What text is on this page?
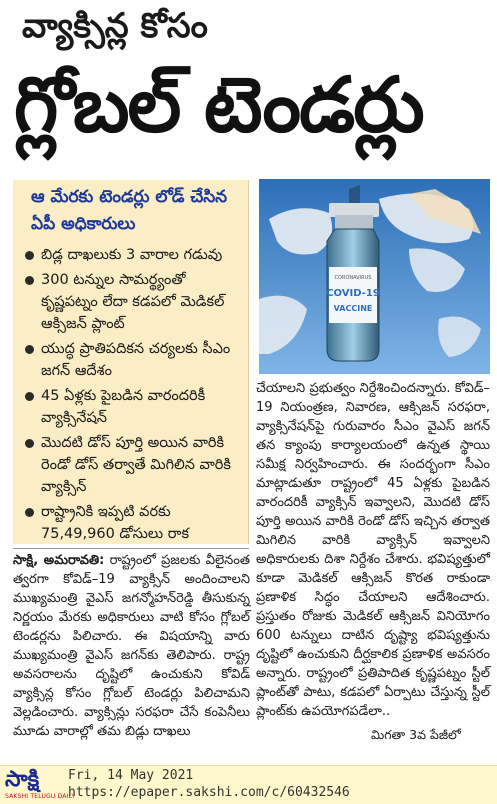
వ్యాక్సిన్ల కోసం
గ్లోబల్ టెండర్లు
ఆ మేరకు టెండర్లు లోడ్ చేసిన ఏపీ అధికారులు
బిడ్ల దాఖలుకు 3 వారాల గడువు
300 టన్నుల సామర్థ్యంతో కృష్ణపట్నం లేదా కడపలో మెడికల్ ఆక్సిజన్ ప్లాంట్
యుద్ధ ప్రాతిపదికన చర్యలకు సీఎం జగన్ ఆదేశం
45 ఏళ్లకు పైబడిన వారందరికీ వ్యాక్సినేషన్
మొదటి డోస్ పూర్తి అయిన వారికి రెండో డోస్ తర్వాతే మిగిలిన వారికి వ్యాక్సిన్
రాష్ట్రానికి ఇప్పటి వరకు 75,49,960 డోసులు రాక
CORONAVIRUS
COVID-19
VACCINE
చేయాలని ప్రభుత్వం నిర్దేశించిందన్నారు. కోవిడ్–19 నియంత్రణ, నివారణ, ఆక్సిజన్ సరఫరా, వ్యాక్సినేషన్‌పై గురువారం సీఎం వైఎస్ జగన్ తన క్యాంపు కార్యాలయంలో ఉన్నత స్థాయి సమీక్ష నిర్వహించారు. ఈ సందర్భంగా సీఎం మాట్లాడుతూ రాష్ట్రంలో 45 ఏళ్లకు పైబడిన వారందరికీ వ్యాక్సిన్ ఇవ్వాలని, మొదటి డోస్ పూర్తి అయిన వారికి రెండో డోస్ ఇచ్చిన తర్వాత మిగిలిన వారికి వ్యాక్సిన్ ఇవ్వాలని అధికారులకు దిశా నిర్దేశం చేశారు. భవిష్యత్తులో కూడా మెడికల్ ఆక్సిజన్ కొరత రాకుండా ప్రణాళిక సిద్ధం చేయాలని ఆదేశించారు. ప్రస్తుతం రోజుకు మెడికల్ ఆక్సిజన్ వినియోగం 600 టన్నులు దాటిన దృష్ట్యా భవిష్యత్తును దృష్టిలో ఉంచుకుని దీర్ఘకాలిక ప్రణాళిక అవసరం అన్నారు. రాష్ట్రంలో ప్రతిపాదిత కృష్ణపట్నం స్టీల్ ప్లాంట్‌తో పాటు, కడపలో ఏర్పాటు చేస్తున్న స్టీల్ ప్లాంట్‌కు ఉపయోగపడేలా..
సాక్షి, అమరావతి: రాష్ట్రంలో ప్రజలకు వీలైనంత త్వరగా కోవిడ్–19 వ్యాక్సిన్ అందించాలని ముఖ్యమంత్రి వైఎస్ జగన్మోహన్‌రెడ్డి తీసుకున్న నిర్ణయం మేరకు అధికారులు వాటి కోసం గ్లోబల్ టెండర్లను పిలిచారు. ఈ విషయాన్ని వారు ముఖ్యమంత్రి వైఎస్ జగన్‌కు తెలిపారు. రాష్ట్ర అవసరాలను దృష్టిలో ఉంచుకుని కోవిడ్ వ్యాక్సిన్ల కోసం గ్లోబల్ టెండర్లు పిలిచామని వెల్లడించారు. వ్యాక్సిన్లు సరఫరా చేసే కంపెనీలు మూడు వారాల్లో తమ బిడ్లు దాఖలు	మిగతా 3వ పేజీలో
సాక్షి
SAKSHI TELUGU DAILY
Fri, 14 May 2021
https://epaper.sakshi.com/c/60432546
